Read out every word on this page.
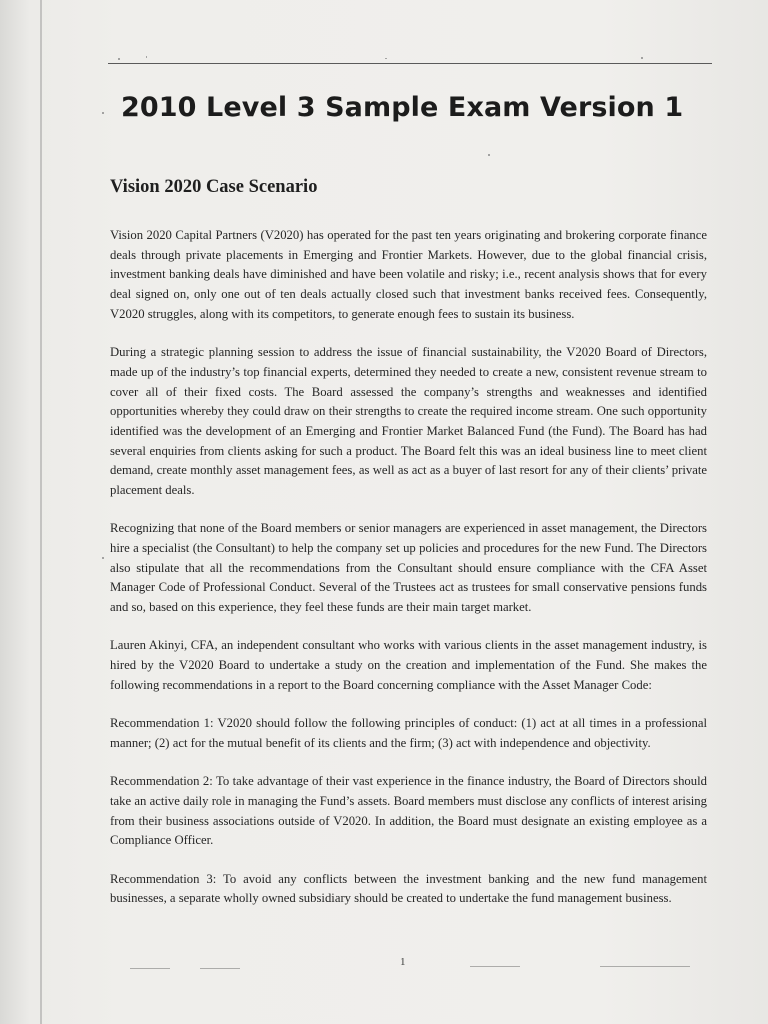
2010 Level 3 Sample Exam Version 1
Vision 2020 Case Scenario

Vision 2020 Capital Partners (V2020) has operated for the past ten years originating and brokering corporate finance deals through private placements in Emerging and Frontier Markets. However, due to the global financial crisis, investment banking deals have diminished and have been volatile and risky; i.e., recent analysis shows that for every deal signed on, only one out of ten deals actually closed such that investment banks received fees. Consequently, V2020 struggles, along with its competitors, to generate enough fees to sustain its business.

During a strategic planning session to address the issue of financial sustainability, the V2020 Board of Directors, made up of the industry’s top financial experts, determined they needed to create a new, consistent revenue stream to cover all of their fixed costs. The Board assessed the company’s strengths and weaknesses and identified opportunities whereby they could draw on their strengths to create the required income stream. One such opportunity identified was the development of an Emerging and Frontier Market Balanced Fund (the Fund). The Board has had several enquiries from clients asking for such a product. The Board felt this was an ideal business line to meet client demand, create monthly asset management fees, as well as act as a buyer of last resort for any of their clients’ private placement deals.

Recognizing that none of the Board members or senior managers are experienced in asset management, the Directors hire a specialist (the Consultant) to help the company set up policies and procedures for the new Fund. The Directors also stipulate that all the recommendations from the Consultant should ensure compliance with the CFA Asset Manager Code of Professional Conduct. Several of the Trustees act as trustees for small conservative pensions funds and so, based on this experience, they feel these funds are their main target market.

Lauren Akinyi, CFA, an independent consultant who works with various clients in the asset management industry, is hired by the V2020 Board to undertake a study on the creation and implementation of the Fund. She makes the following recommendations in a report to the Board concerning compliance with the Asset Manager Code:

Recommendation 1: V2020 should follow the following principles of conduct: (1) act at all times in a professional manner; (2) act for the mutual benefit of its clients and the firm; (3) act with independence and objectivity.

Recommendation 2: To take advantage of their vast experience in the finance industry, the Board of Directors should take an active daily role in managing the Fund’s assets. Board members must disclose any conflicts of interest arising from their business associations outside of V2020. In addition, the Board must designate an existing employee as a Compliance Officer.

Recommendation 3: To avoid any conflicts between the investment banking and the new fund management businesses, a separate wholly owned subsidiary should be created to undertake the fund management business.

1
